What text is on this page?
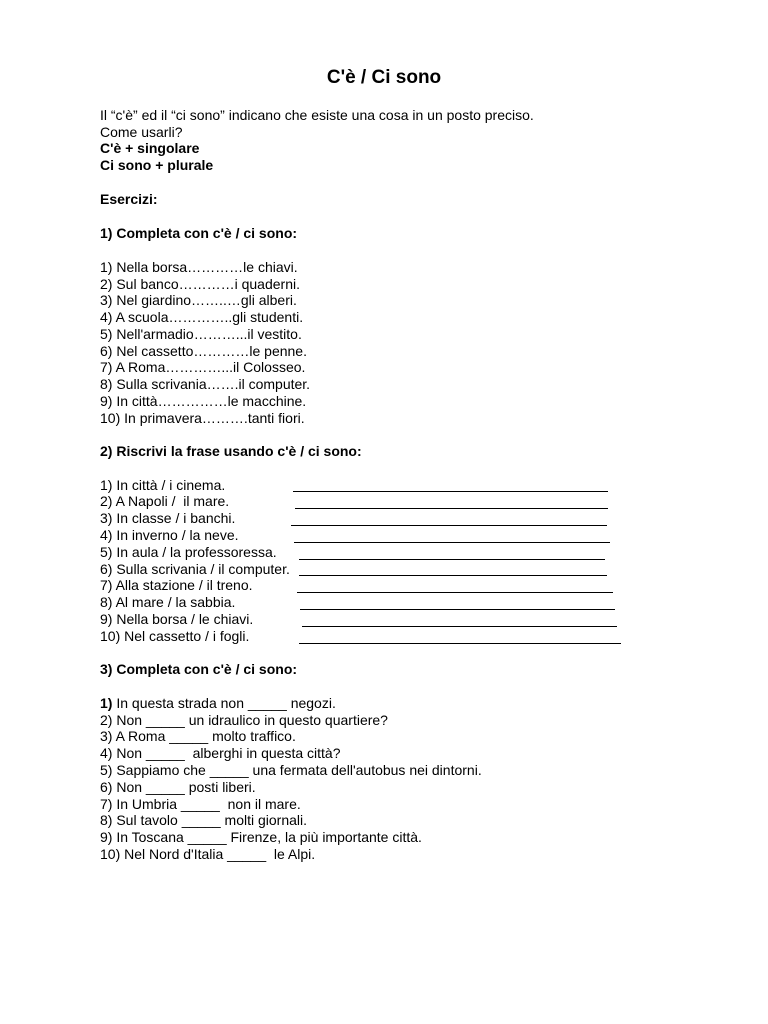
C'è / Ci sono
Il “c'è” ed il “ci sono” indicano che esiste una cosa in un posto preciso.
Come usarli?
C'è + singolare
Ci sono + plurale
Esercizi:
1) Completa con c'è / ci sono:
1) Nella borsa…………le chiavi.
2) Sul banco…………i quaderni.
3) Nel giardino……..…gli alberi.
4) A scuola…………..gli studenti.
5) Nell'armadio………...il vestito.
6) Nel cassetto…………le penne.
7) A Roma…………...il Colosseo.
8) Sulla scrivania…….il computer.
9) In città……………le macchine.
10) In primavera……….tanti fiori.
2) Riscrivi la frase usando c'è / ci sono:
1) In città / i cinema.
2) A Napoli /  il mare.
3) In classe / i banchi.
4) In inverno / la neve.
5) In aula / la professoressa.
6) Sulla scrivania / il computer.
7) Alla stazione / il treno.
8) Al mare / la sabbia.
9) Nella borsa / le chiavi.
10) Nel cassetto / i fogli.
3) Completa con c'è / ci sono:
1) In questa strada non _____ negozi.
2) Non _____ un idraulico in questo quartiere?
3) A Roma _____ molto traffico.
4) Non _____  alberghi in questa città?
5) Sappiamo che _____ una fermata dell'autobus nei dintorni.
6) Non _____ posti liberi.
7) In Umbria _____  non il mare.
8) Sul tavolo _____ molti giornali.
9) In Toscana _____ Firenze, la più importante città.
10) Nel Nord d'Italia _____  le Alpi.
